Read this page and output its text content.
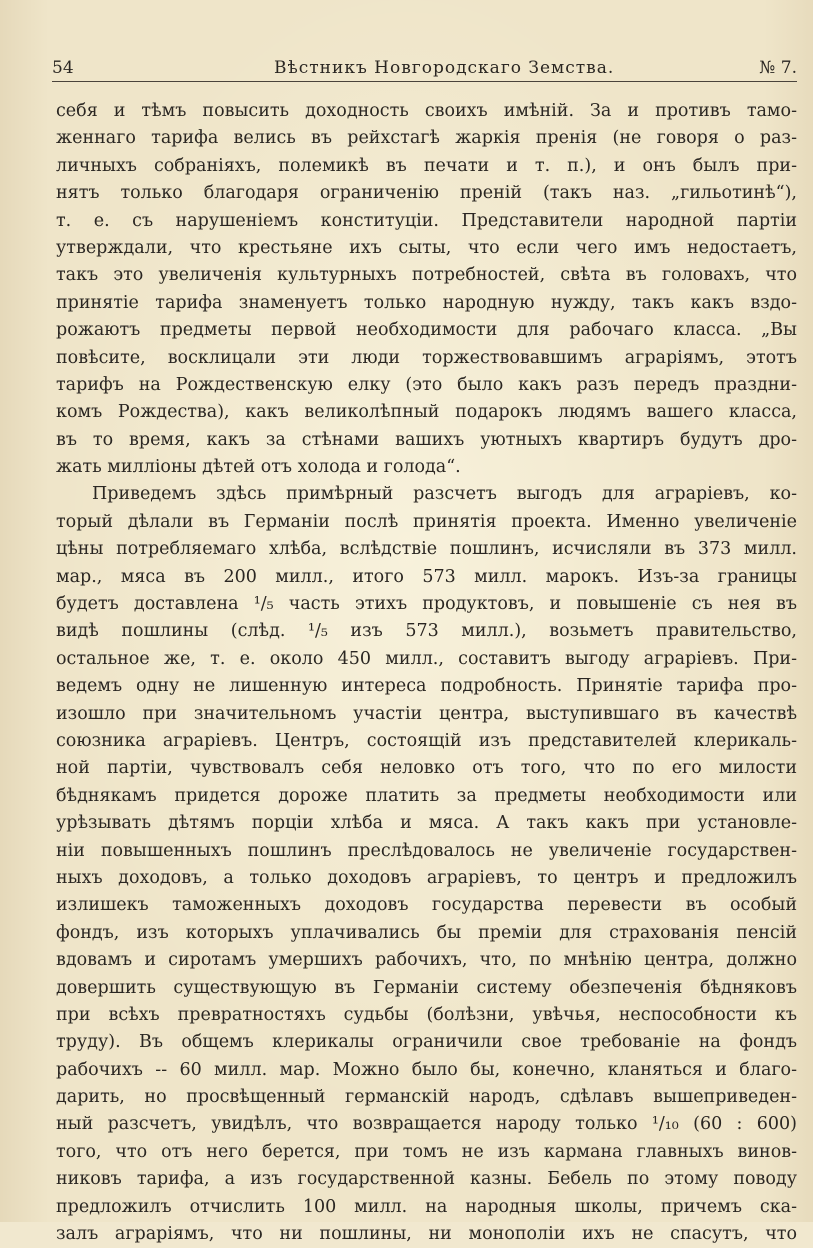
54	Вѣстникъ Новгородскаго Земства.	№ 7.
себя и тѣмъ повысить доходность своихъ имѣній. За и противъ тамо-
женнаго тарифа велись въ рейхстагѣ жаркія пренія (не говоря о раз-
личныхъ собраніяхъ, полемикѣ въ печати и т. п.), и онъ былъ при-
нятъ только благодаря ограниченію преній (такъ наз. „гильотинѣ“),
т. е. съ нарушеніемъ конституціи. Представители народной партіи
утверждали, что крестьяне ихъ сыты, что если чего имъ недостаетъ,
такъ это увеличенія культурныхъ потребностей, свѣта въ головахъ, что
принятіе тарифа знаменуетъ только народную нужду, такъ какъ вздо-
рожаютъ предметы первой необходимости для рабочаго класса. „Вы
повѣсите, восклицали эти люди торжествовавшимъ аграріямъ, этотъ
тарифъ на Рождественскую елку (это было какъ разъ передъ праздни-
комъ Рождества), какъ великолѣпный подарокъ людямъ вашего класса,
въ то время, какъ за стѣнами вашихъ уютныхъ квартиръ будутъ дро-
жать милліоны дѣтей отъ холода и голода“.
Приведемъ здѣсь примѣрный разсчетъ выгодъ для аграріевъ, ко-
торый дѣлали въ Германіи послѣ принятія проекта. Именно увеличеніе
цѣны потребляемаго хлѣба, вслѣдствіе пошлинъ, исчисляли въ 373 милл.
мар., мяса въ 200 милл., итого 573 милл. марокъ. Изъ-за границы
будетъ доставлена ¹/₅ часть этихъ продуктовъ, и повышеніе съ нея въ
видѣ пошлины (слѣд. ¹/₅ изъ 573 милл.), возьметъ правительство,
остальное же, т. е. около 450 милл., составитъ выгоду аграріевъ. При-
ведемъ одну не лишенную интереса подробность. Принятіе тарифа про-
изошло при значительномъ участіи центра, выступившаго въ качествѣ
союзника аграріевъ. Центръ, состоящій изъ представителей клерикаль-
ной партіи, чувствовалъ себя неловко отъ того, что по его милости
бѣднякамъ придется дороже платить за предметы необходимости или
урѣзывать дѣтямъ порціи хлѣба и мяса. А такъ какъ при установле-
ніи повышенныхъ пошлинъ преслѣдовалось не увеличеніе государствен-
ныхъ доходовъ, а только доходовъ аграріевъ, то центръ и предложилъ
излишекъ таможенныхъ доходовъ государства перевести въ особый
фондъ, изъ которыхъ уплачивались бы преміи для страхованія пенсій
вдовамъ и сиротамъ умершихъ рабочихъ, что, по мнѣнію центра, должно
довершить существующую въ Германіи систему обезпеченія бѣдняковъ
при всѣхъ превратностяхъ судьбы (болѣзни, увѣчья, неспособности къ
труду). Въ общемъ клерикалы ограничили свое требованіе на фондъ
рабочихъ -- 60 милл. мар. Можно было бы, конечно, кланяться и благо-
дарить, но просвѣщенный германскій народъ, сдѣлавъ вышеприведен-
ный разсчетъ, увидѣлъ, что возвращается народу только ¹/₁₀ (60 : 600)
того, что отъ него берется, при томъ не изъ кармана главныхъ винов-
никовъ тарифа, а изъ государственной казны. Бебель по этому поводу
предложилъ отчислить 100 милл. на народныя школы, причемъ ска-
залъ аграріямъ, что ни пошлины, ни монополіи ихъ не спасутъ, что
